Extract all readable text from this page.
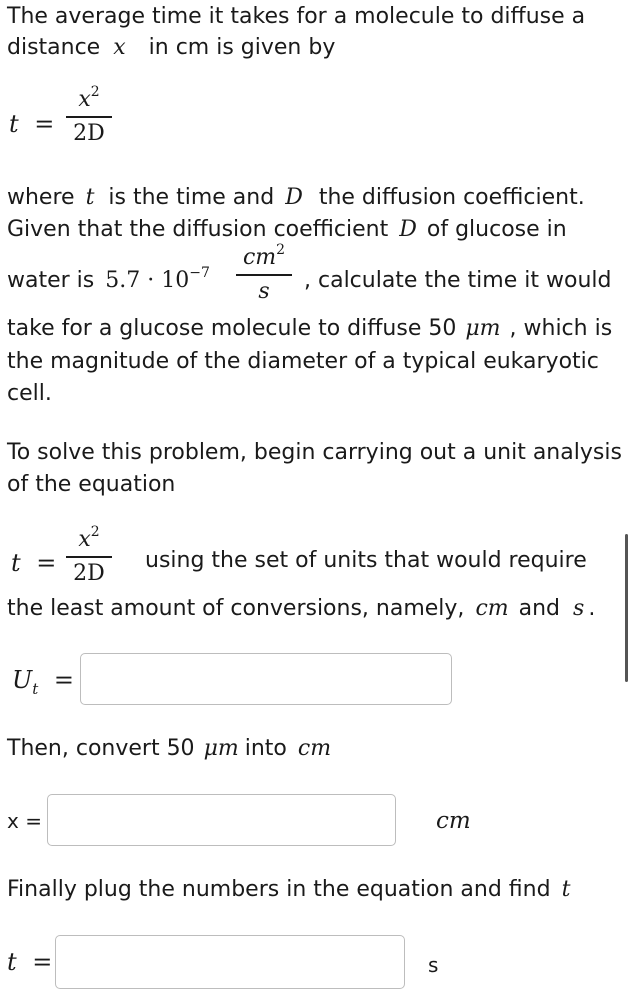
The average time it takes for a molecule to diffuse a
distance x in cm is given by
t =
$x^2$
2D
where t is the time and D the diffusion coefficient.
Given that the diffusion coefficient D of glucose in
water is $5.7 \cdot 10^{-7}$
$cm^2$
s	, calculate the time it would
take for a glucose molecule to diffuse 50 μm , which is
the magnitude of the diameter of a typical eukaryotic
cell.
To solve this problem, begin carrying out a unit analysis
of the equation
t =
$x^2$
2D	using the set of units that would require
the least amount of conversions, namely, cm and s .
$U_t$ =
Then, convert 50 μm into cm
x =	cm
Finally plug the numbers in the equation and find t
t =	s
